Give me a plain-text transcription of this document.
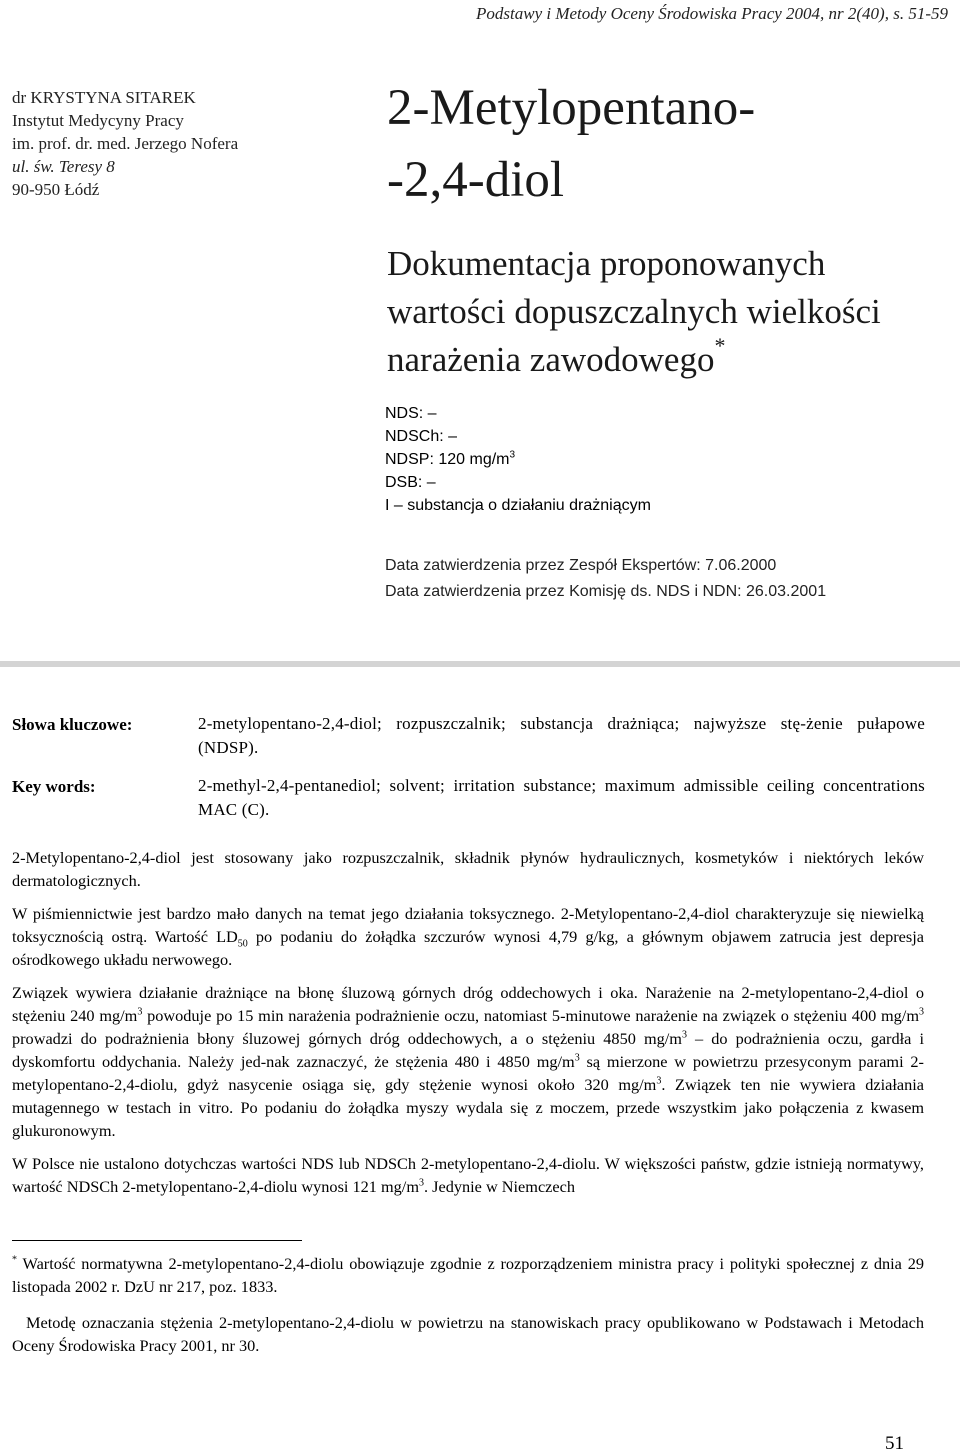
Podstawy i Metody Oceny Środowiska Pracy 2004, nr 2(40), s. 51-59
dr KRYSTYNA SITAREK
Instytut Medycyny Pracy
im. prof. dr. med. Jerzego Nofera
ul. św. Teresy 8
90-950 Łódź
2-Metylopentano-
-2,4-diol
Dokumentacja proponowanych
wartości dopuszczalnych wielkości
narażenia zawodowego*
NDS: –
NDSCh: –
NDSP: 120 $mg/m^3$
DSB: –
I – substancja o działaniu drażniącym
Data zatwierdzenia przez Zespół Ekspertów: 7.06.2000
Data zatwierdzenia przez Komisję ds. NDS i NDN: 26.03.2001
Słowa kluczowe:	2-metylopentano-2,4-diol; rozpuszczalnik; substancja drażniąca; najwyższe stę-żenie pułapowe (NDSP).
Key words:	2-methyl-2,4-pentanediol; solvent; irritation substance; maximum admissible ceiling concentrations MAC (C).

2-Metylopentano-2,4-diol jest stosowany jako rozpuszczalnik, składnik płynów hydraulicznych, kosmetyków i niektórych leków dermatologicznych.

W piśmiennictwie jest bardzo mało danych na temat jego działania toksycznego. 2-Metylopentano-2,4-diol charakteryzuje się niewielką toksycznością ostrą. Wartość $LD_{50}$ po podaniu do żołądka szczurów wynosi 4,79 g/kg, a głównym objawem zatrucia jest depresja ośrodkowego układu nerwowego.

Związek wywiera działanie drażniące na błonę śluzową górnych dróg oddechowych i oka. Narażenie na 2-metylopentano-2,4-diol o stężeniu 240 $mg/m^3$ powoduje po 15 min narażenia podrażnienie oczu, natomiast 5-minutowe narażenie na związek o stężeniu 400 $mg/m^3$ prowadzi do podrażnienia błony śluzowej górnych dróg oddechowych, a o stężeniu 4850 $mg/m^3$ – do podrażnienia oczu, gardła i dyskomfortu oddychania. Należy jed-nak zaznaczyć, że stężenia 480 i 4850 $mg/m^3$ są mierzone w powietrzu przesyconym parami 2-metylopentano-2,4-diolu, gdyż nasycenie osiąga się, gdy stężenie wynosi około 320 $mg/m^3$. Związek ten nie wywiera działania mutagennego w testach in vitro. Po podaniu do żołądka myszy wydala się z moczem, przede wszystkim jako połączenia z kwasem glukuronowym.

W Polsce nie ustalono dotychczas wartości NDS lub NDSCh 2-metylopentano-2,4-diolu. W większości państw, gdzie istnieją normatywy, wartość NDSCh 2-metylopentano-2,4-diolu wynosi 121 $mg/m^3$. Jedynie w Niemczech

* Wartość normatywna 2-metylopentano-2,4-diolu obowiązuje zgodnie z rozporządzeniem ministra pracy i polityki społecznej z dnia 29 listopada 2002 r. DzU nr 217, poz. 1833.

Metodę oznaczania stężenia 2-metylopentano-2,4-diolu w powietrzu na stanowiskach pracy opublikowano w Podstawach i Metodach Oceny Środowiska Pracy 2001, nr 30.

51
